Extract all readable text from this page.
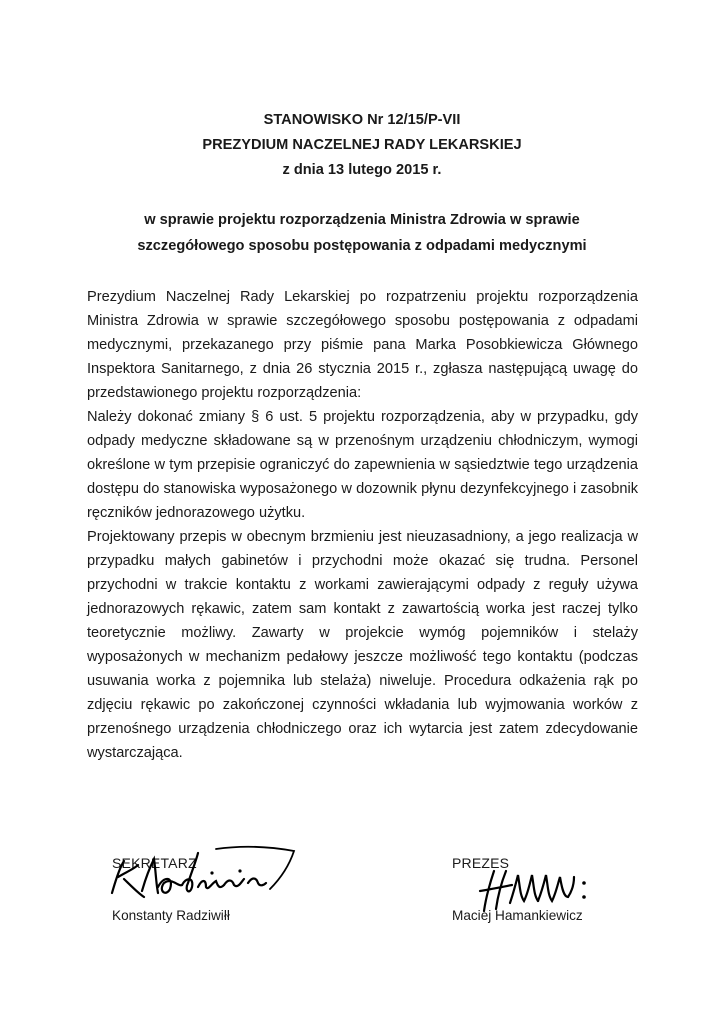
STANOWISKO Nr 12/15/P-VII
PREZYDIUM NACZELNEJ RADY LEKARSKIEJ
z dnia 13 lutego 2015 r.
w sprawie projektu rozporządzenia Ministra Zdrowia w sprawie
szczegółowego sposobu postępowania z odpadami medycznymi

Prezydium Naczelnej Rady Lekarskiej po rozpatrzeniu projektu rozporządzenia Ministra Zdrowia w sprawie szczegółowego sposobu postępowania z odpadami medycznymi, przekazanego przy piśmie pana Marka Posobkiewicza Głównego Inspektora Sanitarnego, z dnia 26 stycznia 2015 r., zgłasza następującą uwagę do przedstawionego projektu rozporządzenia:

Należy dokonać zmiany § 6 ust. 5 projektu rozporządzenia, aby w przypadku, gdy odpady medyczne składowane są w przenośnym urządzeniu chłodniczym, wymogi określone w tym przepisie ograniczyć do zapewnienia w sąsiedztwie tego urządzenia dostępu do stanowiska wyposażonego w dozownik płynu dezynfekcyjnego i zasobnik ręczników jednorazowego użytku.

Projektowany przepis w obecnym brzmieniu jest nieuzasadniony, a jego realizacja w przypadku małych gabinetów i przychodni może okazać się trudna. Personel przychodni w trakcie kontaktu z workami zawierającymi odpady z reguły używa jednorazowych rękawic, zatem sam kontakt z zawartością worka jest raczej tylko teoretycznie możliwy. Zawarty w projekcie wymóg pojemników i stelaży wyposażonych w mechanizm pedałowy jeszcze możliwość tego kontaktu (podczas usuwania worka z pojemnika lub stelaża) niweluje. Procedura odkażenia rąk po zdjęciu rękawic po zakończonej czynności wkładania lub wyjmowania worków z przenośnego urządzenia chłodniczego oraz ich wytarcia jest zatem zdecydowanie wystarczająca.

SEKRETARZ
Konstanty Radziwiłł
PREZES
Maciej Hamankiewicz
